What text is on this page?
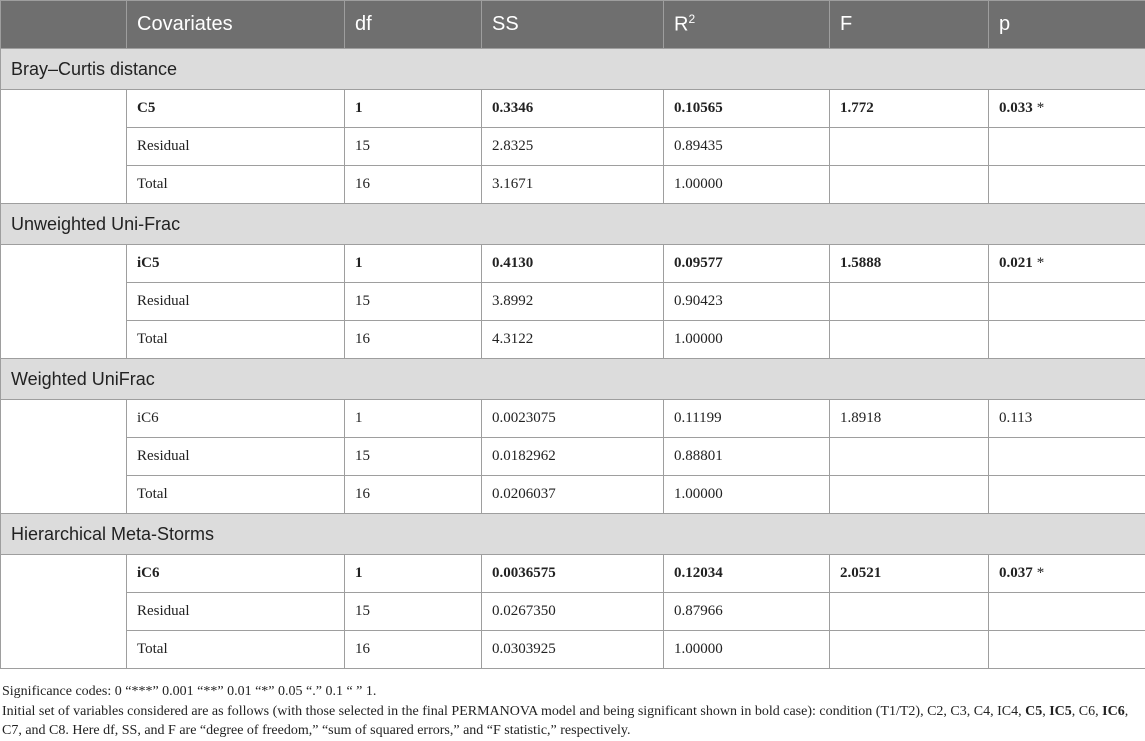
	Covariates	df	SS	$R^2$	F	p
Bray–Curtis distance						
	C5	1	0.3346	0.10565	1.772	0.033 *
	Residual	15	2.8325	0.89435		
	Total	16	3.1671	1.00000		
Unweighted Uni-Frac						
	iC5	1	0.4130	0.09577	1.5888	0.021 *
	Residual	15	3.8992	0.90423		
	Total	16	4.3122	1.00000		
Weighted UniFrac						
	iC6	1	0.0023075	0.11199	1.8918	0.113
	Residual	15	0.0182962	0.88801		
	Total	16	0.0206037	1.00000		
Hierarchical Meta-Storms						
	iC6	1	0.0036575	0.12034	2.0521	0.037 *
	Residual	15	0.0267350	0.87966		
	Total	16	0.0303925	1.00000		

Significance codes: 0 “***” 0.001 “**” 0.01 “*” 0.05 “.” 0.1 “ ” 1.

Initial set of variables considered are as follows (with those selected in the final PERMANOVA model and being significant shown in bold case): condition (T1/T2), C2, C3, C4, IC4, C5, IC5, C6, IC6, C7, and C8. Here df, SS, and F are “degree of freedom,” “sum of squared errors,” and “F statistic,” respectively.
